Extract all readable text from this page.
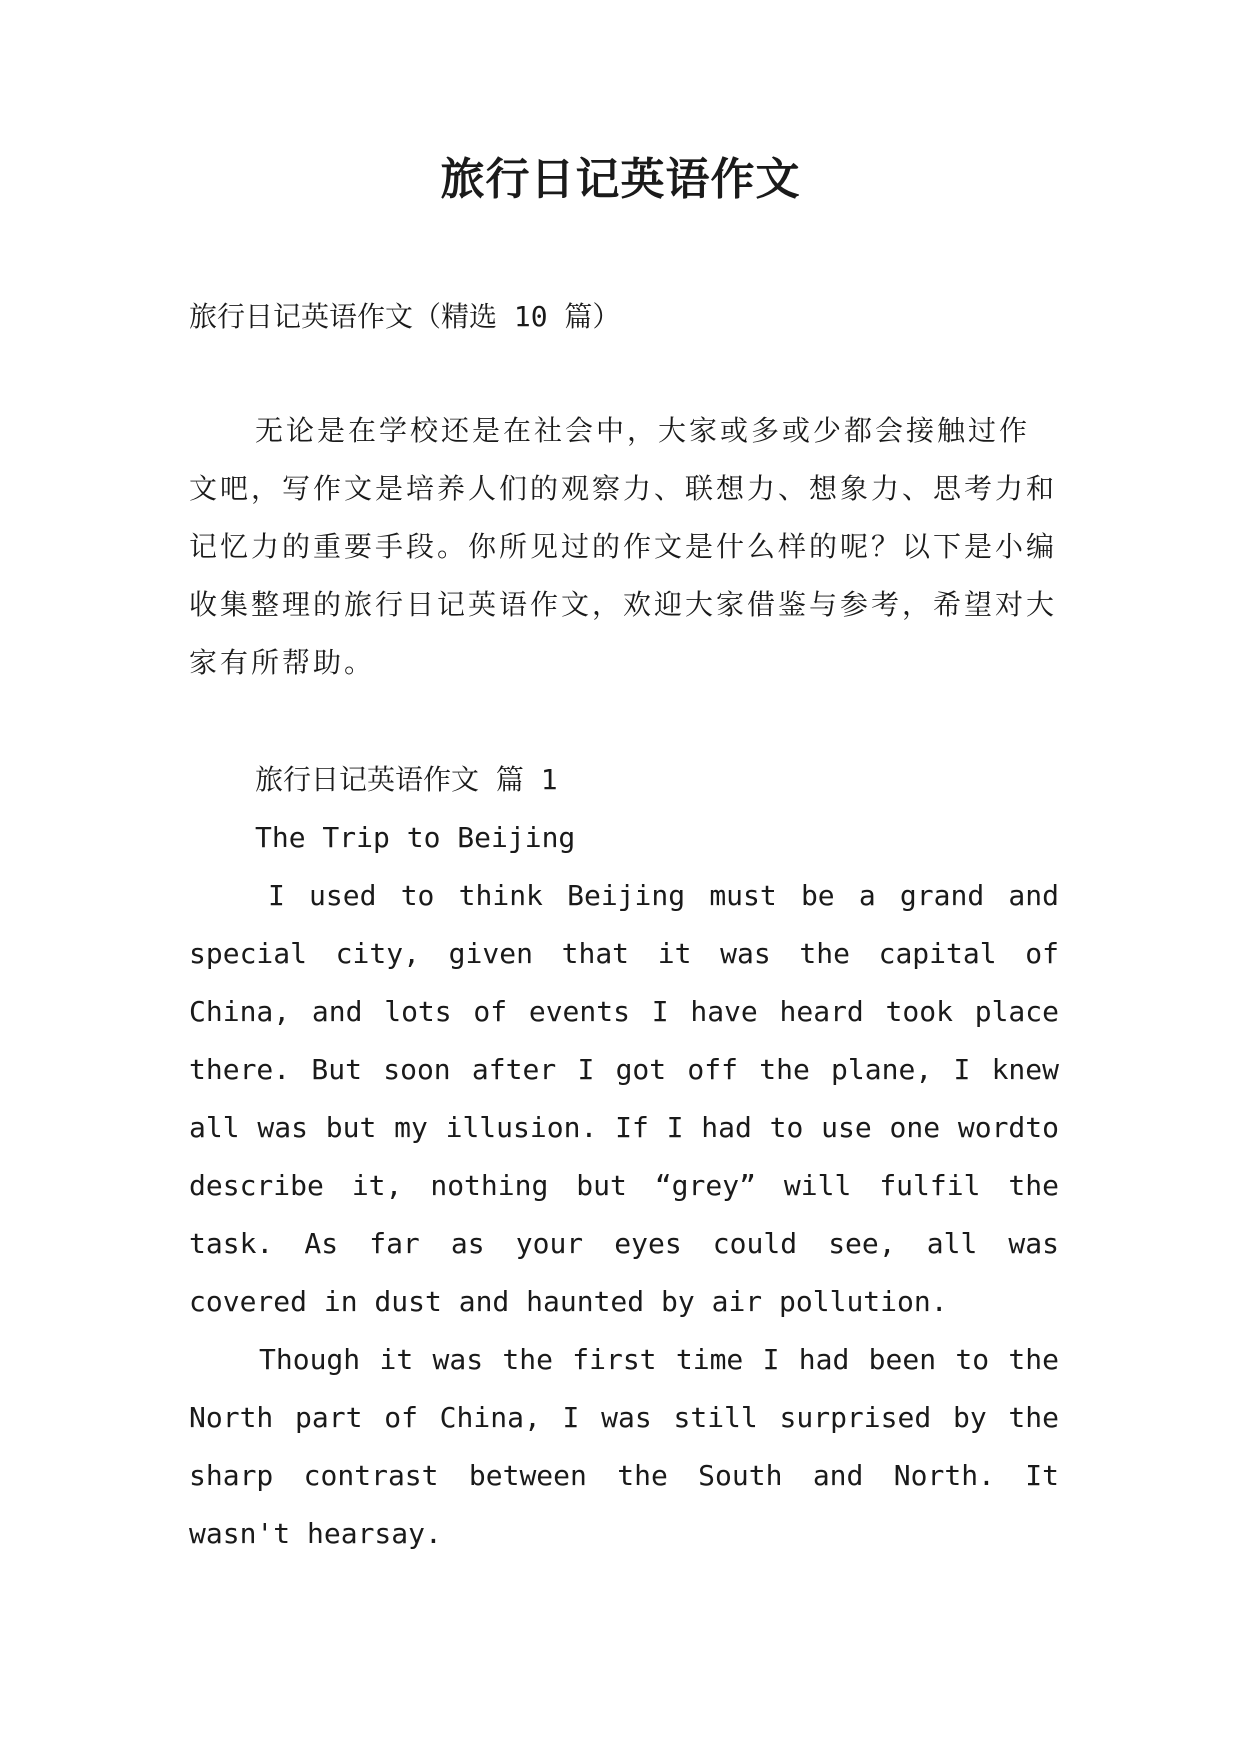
旅行日记英语作文
旅行日记英语作文（精选 10 篇）
无论是在学校还是在社会中，大家或多或少都会接触过作文吧，写作文是培养人们的观察力、联想力、想象力、思考力和记忆力的重要手段。你所见过的作文是什么样的呢？以下是小编收集整理的旅行日记英语作文，欢迎大家借鉴与参考，希望对大家有所帮助。
旅行日记英语作文 篇 1
The Trip to Beijing
I used to think Beijing must be a grand and special city, given that it was the capital of China, and lots of events I have heard took place there. But soon after I got off the plane, I knew all was but my illusion. If I had to use one wordto describe it, nothing but “grey” will fulfil the task. As far as your eyes could see, all was covered in dust and haunted by air pollution.
Though it was the first time I had been to the North part of China, I was still surprised by the sharp contrast between the South and North. It wasn't hearsay.
